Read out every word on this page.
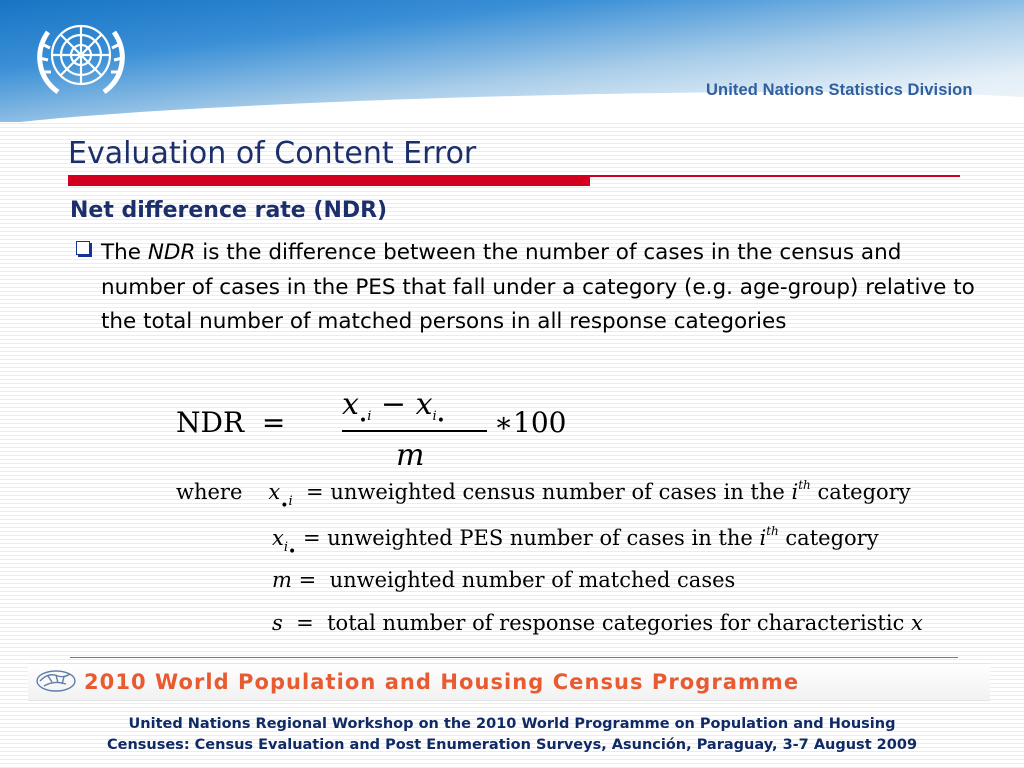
United Nations Statistics Division
Evaluation of Content Error
Net difference rate (NDR)
The NDR is the difference between the number of cases in the census and number of cases in the PES that fall under a category (e.g. age-group) relative to the total number of matched persons in all response categories
NDR =
$x_{•i} - x_{i•}$
m
∗100
where $x_{•i}$ = unweighted census number of cases in the $i^{th}$ category
$x_{i•}$ = unweighted PES number of cases in the $i^{th}$ category
m = unweighted number of matched cases
s = total number of response categories for characteristic x
2010 World Population and Housing Census Programme
United Nations Regional Workshop on the 2010 World Programme on Population and Housing
Censuses: Census Evaluation and Post Enumeration Surveys, Asunción, Paraguay, 3-7 August 2009
